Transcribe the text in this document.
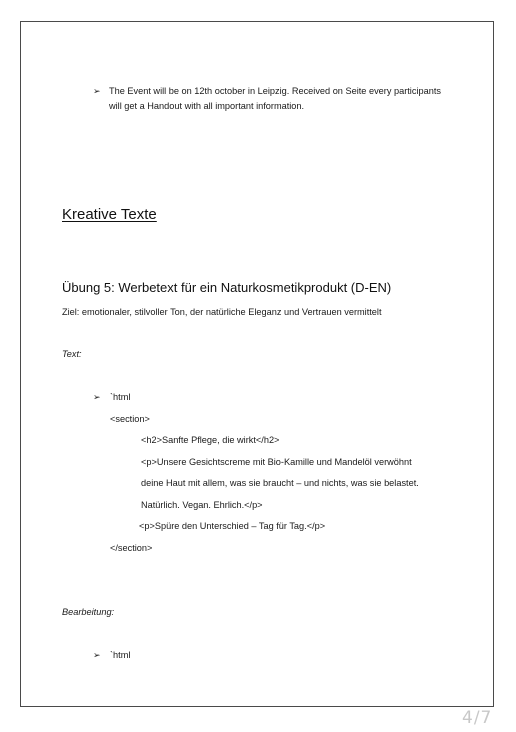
➢ The Event will be on 12th october in Leipzig. Received on Seite every participants
will get a Handout with all important information.
Kreative Texte
Übung 5: Werbetext für ein Naturkosmetikprodukt (D-EN)
Ziel: emotionaler, stilvoller Ton, der natürliche Eleganz und Vertrauen vermittelt
Text:
➢ `html
<section>
<h2>Sanfte Pflege, die wirkt</h2>
<p>Unsere Gesichtscreme mit Bio-Kamille und Mandelöl verwöhnt
deine Haut mit allem, was sie braucht – und nichts, was sie belastet.
Natürlich. Vegan. Ehrlich.</p>
<p>Spüre den Unterschied – Tag für Tag.</p>
</section>
Bearbeitung:
➢ `html
4/7
